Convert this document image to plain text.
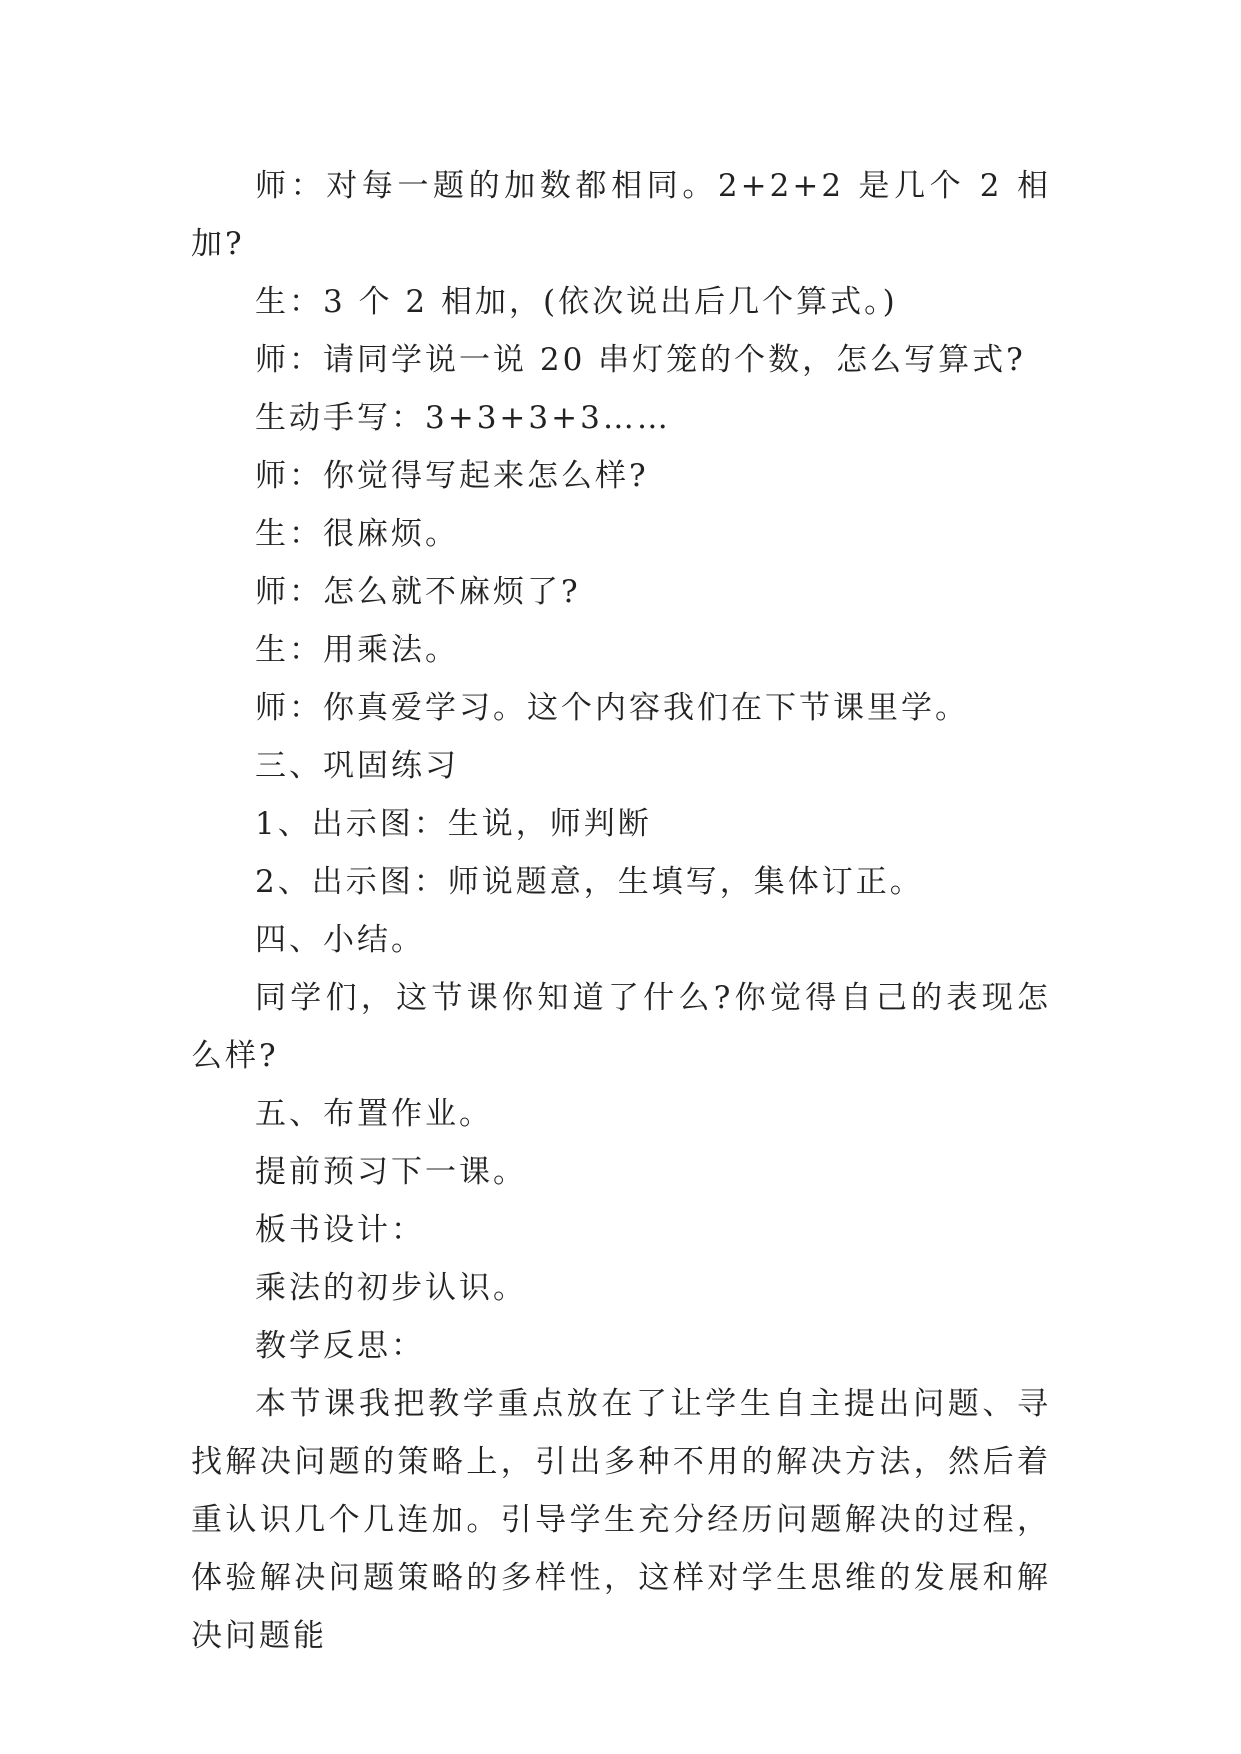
师：对每一题的加数都相同。2+2+2 是几个 2 相加?

生：3 个 2 相加，(依次说出后几个算式。)

师：请同学说一说 20 串灯笼的个数，怎么写算式?

生动手写：3+3+3+3……

师：你觉得写起来怎么样?

生：很麻烦。

师：怎么就不麻烦了?

生：用乘法。

师：你真爱学习。这个内容我们在下节课里学。

三、巩固练习

1、出示图：生说，师判断

2、出示图：师说题意，生填写，集体订正。

四、小结。

同学们，这节课你知道了什么?你觉得自己的表现怎么样?

五、布置作业。

提前预习下一课。

板书设计：

乘法的初步认识。

教学反思：

本节课我把教学重点放在了让学生自主提出问题、寻找解决问题的策略上，引出多种不用的解决方法，然后着重认识几个几连加。引导学生充分经历问题解决的过程，体验解决问题策略的多样性，这样对学生思维的发展和解决问题能
